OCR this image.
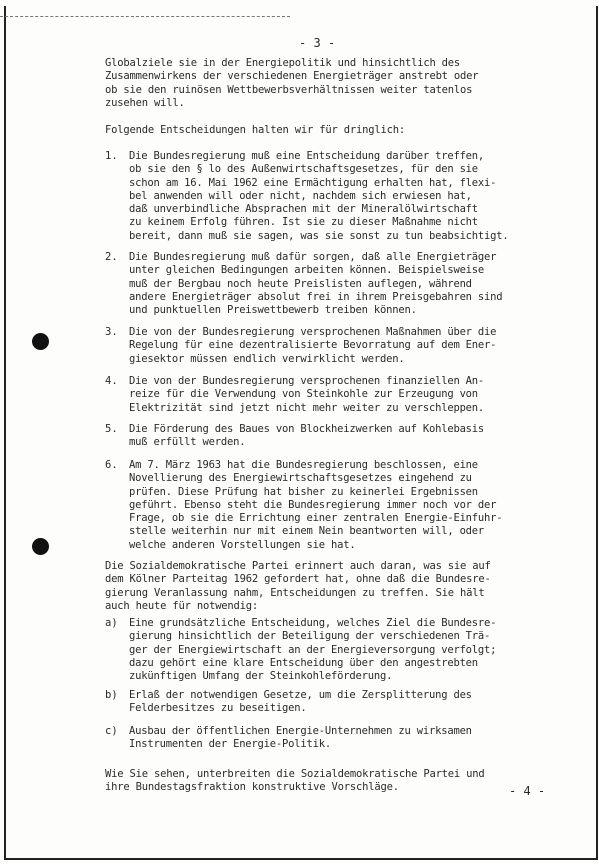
- 3 -
Globalziele sie in der Energiepolitik und hinsichtlich des
Zusammenwirkens der verschiedenen Energieträger anstrebt oder
ob sie den ruinösen Wettbewerbsverhältnissen weiter tatenlos
zusehen will.
Folgende Entscheidungen halten wir für dringlich:
1. Die Bundesregierung muß eine Entscheidung darüber treffen,
ob sie den § lo des Außenwirtschaftsgesetzes, für den sie
schon am 16. Mai 1962 eine Ermächtigung erhalten hat, flexi-
bel anwenden will oder nicht, nachdem sich erwiesen hat,
daß unverbindliche Absprachen mit der Mineralölwirtschaft
zu keinem Erfolg führen. Ist sie zu dieser Maßnahme nicht
bereit, dann muß sie sagen, was sie sonst zu tun beabsichtigt.
2. Die Bundesregierung muß dafür sorgen, daß alle Energieträger
unter gleichen Bedingungen arbeiten können. Beispielsweise
muß der Bergbau noch heute Preislisten auflegen, während
andere Energieträger absolut frei in ihrem Preisgebahren sind
und punktuellen Preiswettbewerb treiben können.
3. Die von der Bundesregierung versprochenen Maßnahmen über die
Regelung für eine dezentralisierte Bevorratung auf dem Ener-
giesektor müssen endlich verwirklicht werden.
4. Die von der Bundesregierung versprochenen finanziellen An-
reize für die Verwendung von Steinkohle zur Erzeugung von
Elektrizität sind jetzt nicht mehr weiter zu verschleppen.
5. Die Förderung des Baues von Blockheizwerken auf Kohlebasis
muß erfüllt werden.
6. Am 7. März 1963 hat die Bundesregierung beschlossen, eine
Novellierung des Energiewirtschaftsgesetzes eingehend zu
prüfen. Diese Prüfung hat bisher zu keinerlei Ergebnissen
geführt. Ebenso steht die Bundesregierung immer noch vor der
Frage, ob sie die Errichtung einer zentralen Energie-Einfuhr-
stelle weiterhin nur mit einem Nein beantworten will, oder
welche anderen Vorstellungen sie hat.
Die Sozialdemokratische Partei erinnert auch daran, was sie auf
dem Kölner Parteitag 1962 gefordert hat, ohne daß die Bundesre-
gierung Veranlassung nahm, Entscheidungen zu treffen. Sie hält
auch heute für notwendig:
a) Eine grundsätzliche Entscheidung, welches Ziel die Bundesre-
gierung hinsichtlich der Beteiligung der verschiedenen Trä-
ger der Energiewirtschaft an der Energieversorgung verfolgt;
dazu gehört eine klare Entscheidung über den angestrebten
zukünftigen Umfang der Steinkohleförderung.
b) Erlaß der notwendigen Gesetze, um die Zersplitterung des
Felderbesitzes zu beseitigen.
c) Ausbau der öffentlichen Energie-Unternehmen zu wirksamen
Instrumenten der Energie-Politik.
Wie Sie sehen, unterbreiten die Sozialdemokratische Partei und
ihre Bundestagsfraktion konstruktive Vorschläge.	- 4 -
